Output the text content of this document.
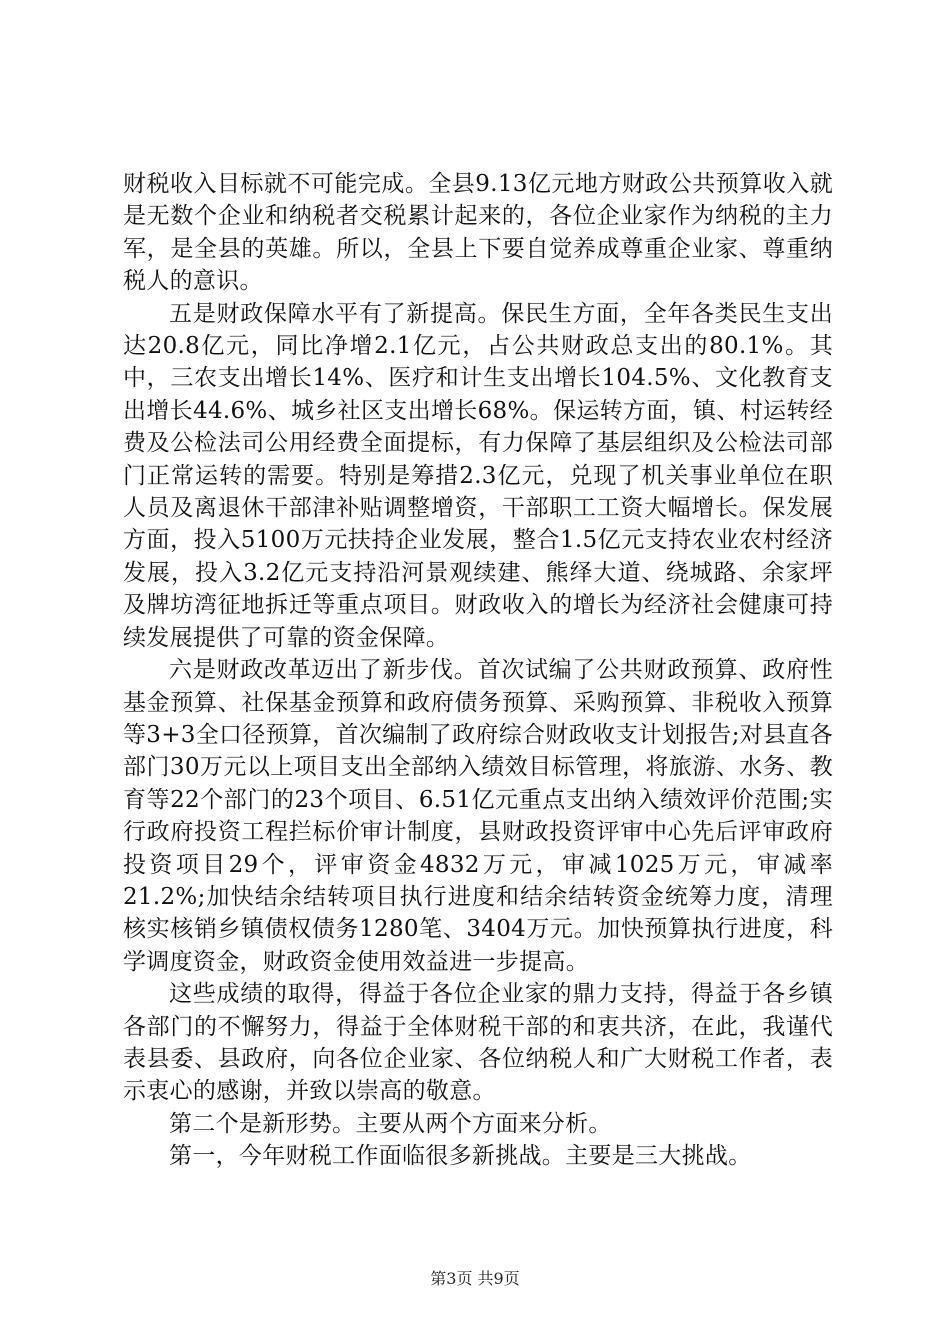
财税收入目标就不可能完成。全县9.13亿元地方财政公共预算收入就是无数个企业和纳税者交税累计起来的，各位企业家作为纳税的主力军，是全县的英雄。所以，全县上下要自觉养成尊重企业家、尊重纳税人的意识。

五是财政保障水平有了新提高。保民生方面，全年各类民生支出达20.8亿元，同比净增2.1亿元，占公共财政总支出的80.1%。其中，三农支出增长14%、医疗和计生支出增长104.5%、文化教育支出增长44.6%、城乡社区支出增长68%。保运转方面，镇、村运转经费及公检法司公用经费全面提标，有力保障了基层组织及公检法司部门正常运转的需要。特别是筹措2.3亿元，兑现了机关事业单位在职人员及离退休干部津补贴调整增资，干部职工工资大幅增长。保发展方面，投入5100万元扶持企业发展，整合1.5亿元支持农业农村经济发展，投入3.2亿元支持沿河景观续建、熊绎大道、绕城路、余家坪及牌坊湾征地拆迁等重点项目。财政收入的增长为经济社会健康可持续发展提供了可靠的资金保障。

六是财政改革迈出了新步伐。首次试编了公共财政预算、政府性基金预算、社保基金预算和政府债务预算、采购预算、非税收入预算等3+3全口径预算，首次编制了政府综合财政收支计划报告;对县直各部门30万元以上项目支出全部纳入绩效目标管理，将旅游、水务、教育等22个部门的23个项目、6.51亿元重点支出纳入绩效评价范围;实行政府投资工程拦标价审计制度，县财政投资评审中心先后评审政府投资项目29个，评审资金4832万元，审减1025万元，审减率21.2%;加快结余结转项目执行进度和结余结转资金统筹力度，清理核实核销乡镇债权债务1280笔、3404万元。加快预算执行进度，科学调度资金，财政资金使用效益进一步提高。

这些成绩的取得，得益于各位企业家的鼎力支持，得益于各乡镇各部门的不懈努力，得益于全体财税干部的和衷共济，在此，我谨代表县委、县政府，向各位企业家、各位纳税人和广大财税工作者，表示衷心的感谢，并致以崇高的敬意。

第二个是新形势。主要从两个方面来分析。

第一，今年财税工作面临很多新挑战。主要是三大挑战。

第3页 共9页
